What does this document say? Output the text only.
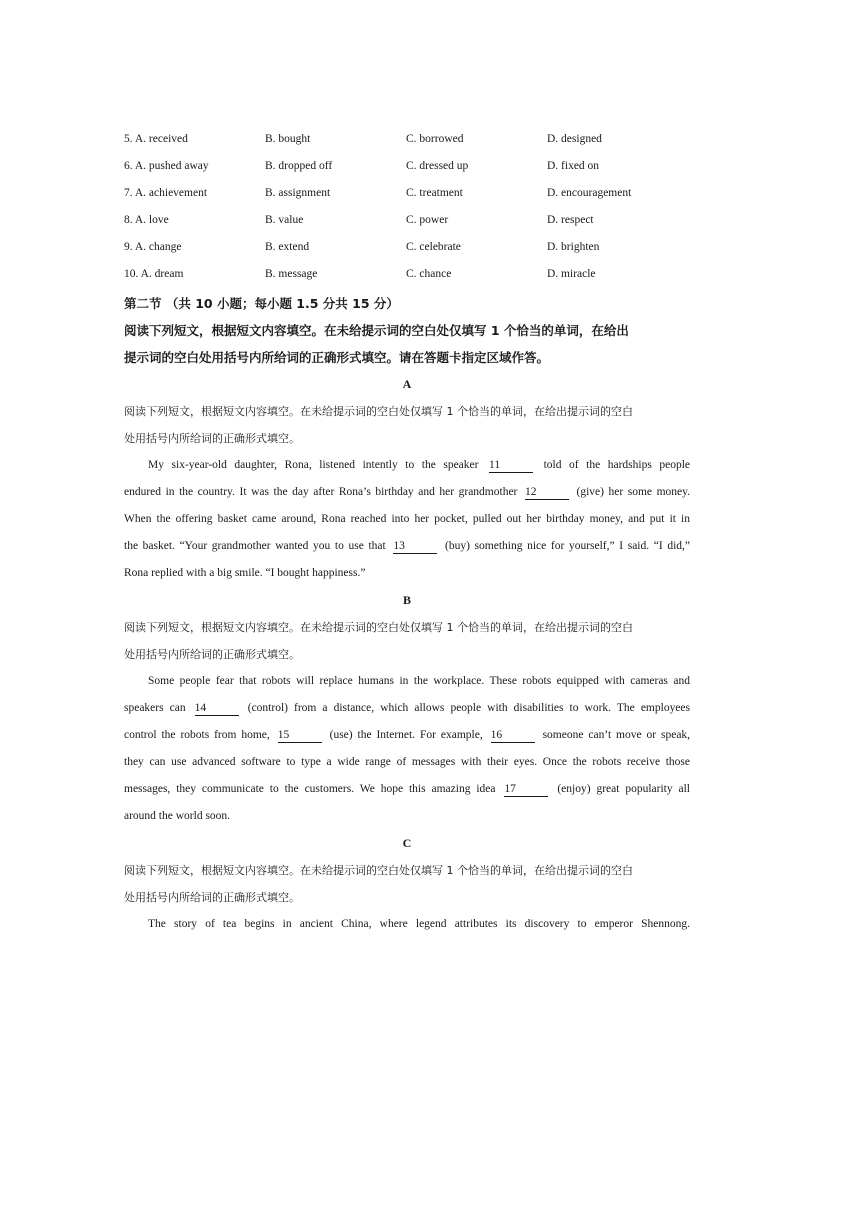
5. A. received	B. bought	C. borrowed	D. designed
6. A. pushed away	B. dropped off	C. dressed up	D. fixed on
7. A. achievement	B. assignment	C. treatment	D. encouragement
8. A. love	B. value	C. power	D. respect
9. A. change	B. extend	C. celebrate	D. brighten
10. A. dream	B. message	C. chance	D. miracle

第二节 （共 10 小题；每小题 1.5 分共 15 分）

阅读下列短文，根据短文内容填空。在未给提示词的空白处仅填写 1 个恰当的单词，在给出
提示词的空白处用括号内所给词的正确形式填空。请在答题卡指定区域作答。

A

阅读下列短文，根据短文内容填空。在未给提示词的空白处仅填写 1 个恰当的单词，在给出提示词的空白
处用括号内所给词的正确形式填空。

My six-year-old daughter, Rona, listened intently to the speaker 11	told of the hardships people
endured in the country. It was the day after Rona’s birthday and her grandmother 12	(give) her some money.
When the offering basket came around, Rona reached into her pocket, pulled out her birthday money, and put it in
the basket. “Your grandmother wanted you to use that 13	(buy) something nice for yourself,” I said. “I did,”
Rona replied with a big smile. “I bought happiness.”

B

阅读下列短文，根据短文内容填空。在未给提示词的空白处仅填写 1 个恰当的单词，在给出提示词的空白
处用括号内所给词的正确形式填空。

Some people fear that robots will replace humans in the workplace. These robots equipped with cameras and
speakers can 14	(control) from a distance, which allows people with disabilities to work. The employees
control the robots from home, 15	(use) the Internet. For example, 16	someone can’t move or speak,
they can use advanced software to type a wide range of messages with their eyes. Once the robots receive those
messages, they communicate to the customers. We hope this amazing idea 17	(enjoy) great popularity all
around the world soon.

C

阅读下列短文，根据短文内容填空。在未给提示词的空白处仅填写 1 个恰当的单词，在给出提示词的空白
处用括号内所给词的正确形式填空。

The story of tea begins in ancient China, where legend attributes its discovery to emperor Shennong.
